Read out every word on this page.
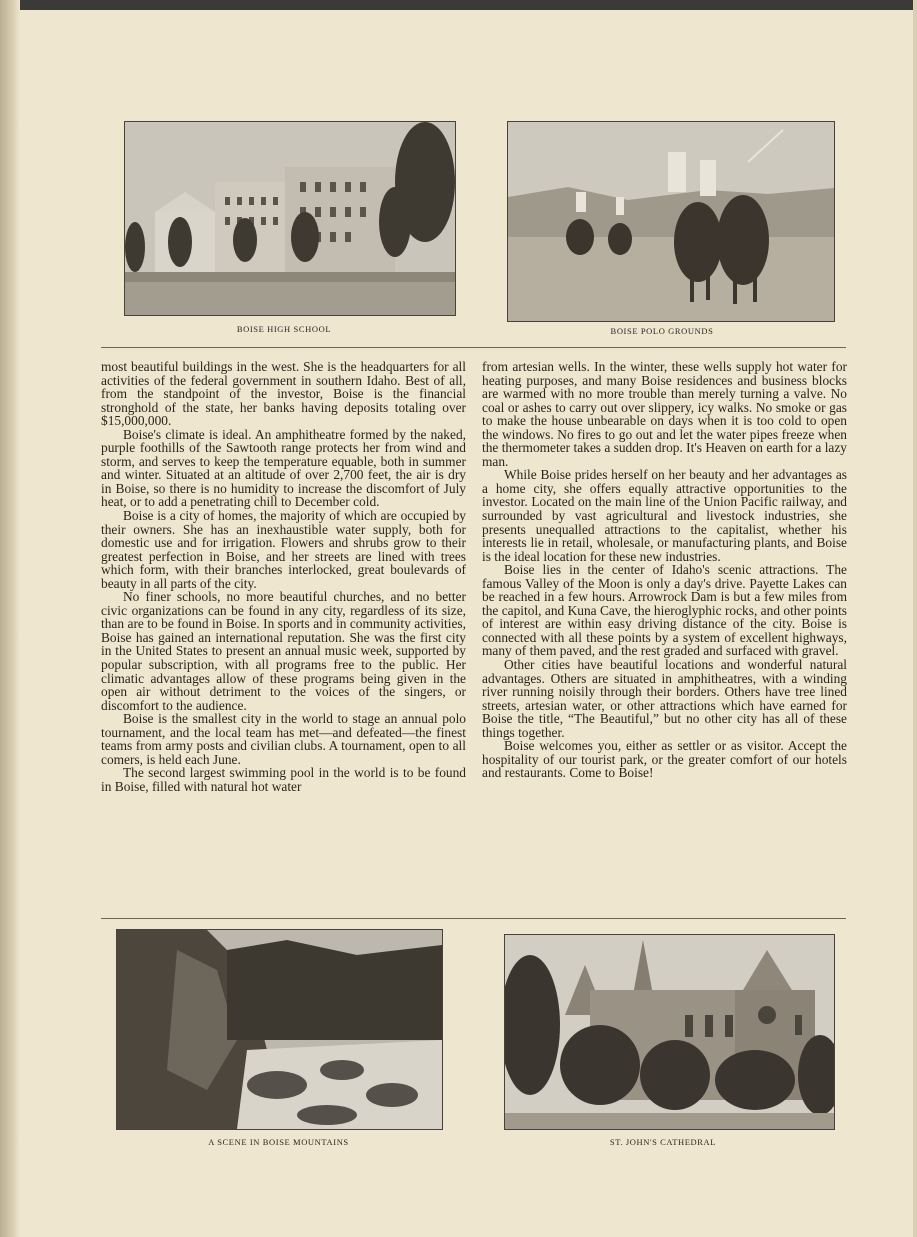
BOISE HIGH SCHOOL	BOISE POLO GROUNDS

most beautiful buildings in the west. She is the headquarters for all activities of the federal government in southern Idaho. Best of all, from the standpoint of the investor, Boise is the financial stronghold of the state, her banks having deposits totaling over $15,000,000.

Boise's climate is ideal. An amphitheatre formed by the naked, purple foothills of the Sawtooth range protects her from wind and storm, and serves to keep the temperature equable, both in summer and winter. Situated at an altitude of over 2,700 feet, the air is dry in Boise, so there is no humidity to increase the discomfort of July heat, or to add a penetrating chill to December cold.

Boise is a city of homes, the majority of which are occupied by their owners. She has an inexhaustible water supply, both for domestic use and for irrigation. Flowers and shrubs grow to their greatest perfection in Boise, and her streets are lined with trees which form, with their branches interlocked, great boulevards of beauty in all parts of the city.

No finer schools, no more beautiful churches, and no better civic organizations can be found in any city, regardless of its size, than are to be found in Boise. In sports and in community activities, Boise has gained an international reputation. She was the first city in the United States to present an annual music week, supported by popular subscription, with all programs free to the public. Her climatic advantages allow of these programs being given in the open air without detriment to the voices of the singers, or discomfort to the audience.

Boise is the smallest city in the world to stage an annual polo tournament, and the local team has met—and defeated—the finest teams from army posts and civilian clubs. A tournament, open to all comers, is held each June.

The second largest swimming pool in the world is to be found in Boise, filled with natural hot water

from artesian wells. In the winter, these wells supply hot water for heating purposes, and many Boise residences and business blocks are warmed with no more trouble than merely turning a valve. No coal or ashes to carry out over slippery, icy walks. No smoke or gas to make the house unbearable on days when it is too cold to open the windows. No fires to go out and let the water pipes freeze when the thermometer takes a sudden drop. It's Heaven on earth for a lazy man.

While Boise prides herself on her beauty and her advantages as a home city, she offers equally attractive opportunities to the investor. Located on the main line of the Union Pacific railway, and surrounded by vast agricultural and livestock industries, she presents unequalled attractions to the capitalist, whether his interests lie in retail, wholesale, or manufacturing plants, and Boise is the ideal location for these new industries.

Boise lies in the center of Idaho's scenic attractions. The famous Valley of the Moon is only a day's drive. Payette Lakes can be reached in a few hours. Arrowrock Dam is but a few miles from the capitol, and Kuna Cave, the hieroglyphic rocks, and other points of interest are within easy driving distance of the city. Boise is connected with all these points by a system of excellent highways, many of them paved, and the rest graded and surfaced with gravel.

Other cities have beautiful locations and wonderful natural advantages. Others are situated in amphitheatres, with a winding river running noisily through their borders. Others have tree lined streets, artesian water, or other attractions which have earned for Boise the title, “The Beautiful,” but no other city has all of these things together.

Boise welcomes you, either as settler or as visitor. Accept the hospitality of our tourist park, or the greater comfort of our hotels and restaurants. Come to Boise!

A SCENE IN BOISE MOUNTAINS	ST. JOHN'S CATHEDRAL
